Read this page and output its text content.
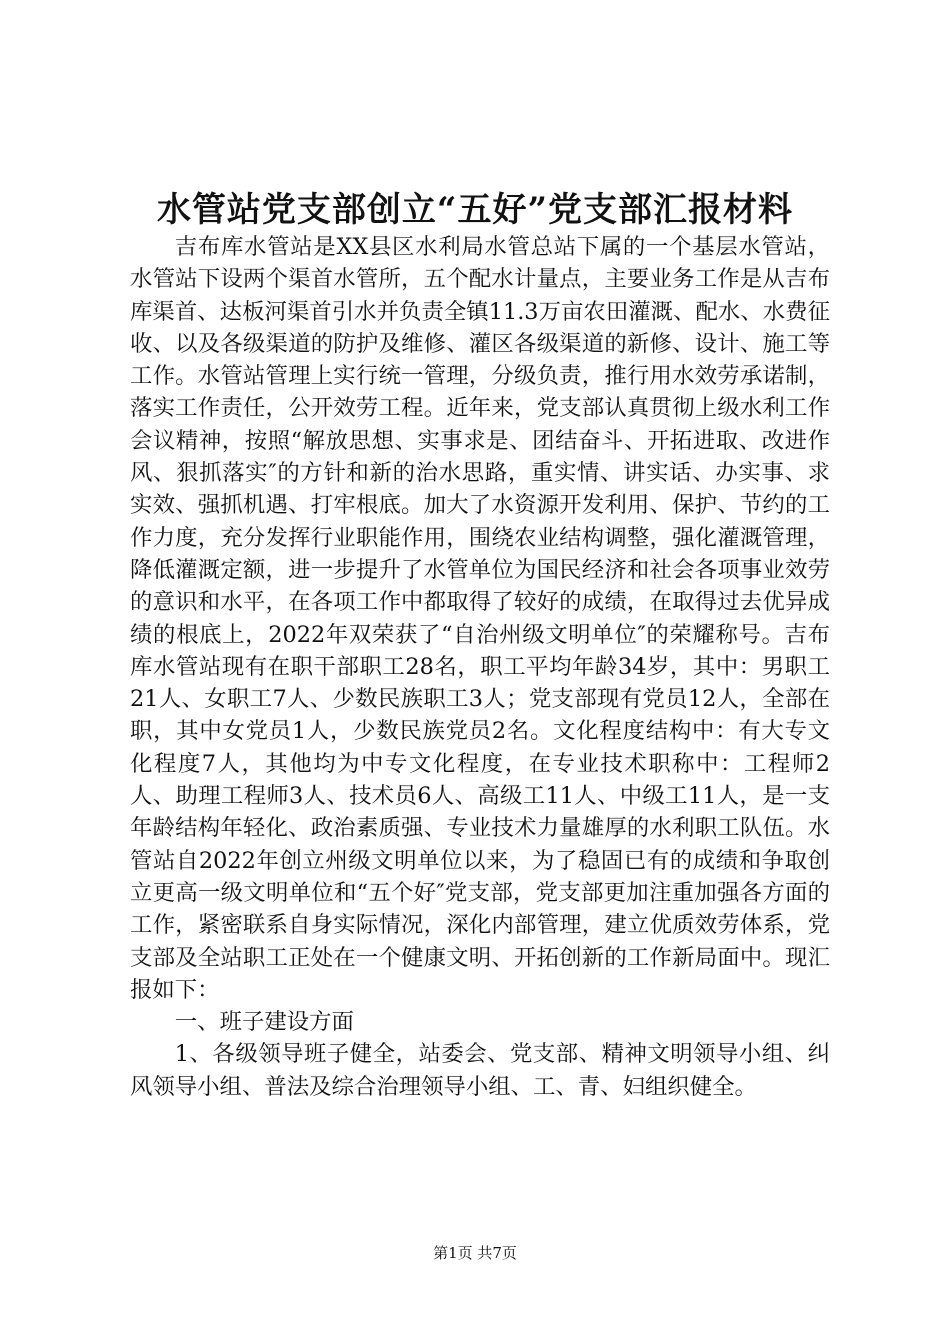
水管站党支部创立“五好”党支部汇报材料

吉布库水管站是XX县区水利局水管总站下属的一个基层水管站，水管站下设两个渠首水管所，五个配水计量点，主要业务工作是从吉布库渠首、达板河渠首引水并负责全镇11.3万亩农田灌溉、配水、水费征收、以及各级渠道的防护及维修、灌区各级渠道的新修、设计、施工等工作。水管站管理上实行统一管理，分级负责，推行用水效劳承诺制，落实工作责任，公开效劳工程。近年来，党支部认真贯彻上级水利工作会议精神，按照“解放思想、实事求是、团结奋斗、开拓进取、改进作风、狠抓落实″的方针和新的治水思路，重实情、讲实话、办实事、求实效、强抓机遇、打牢根底。加大了水资源开发利用、保护、节约的工作力度，充分发挥行业职能作用，围绕农业结构调整，强化灌溉管理，降低灌溉定额，进一步提升了水管单位为国民经济和社会各项事业效劳的意识和水平，在各项工作中都取得了较好的成绩，在取得过去优异成绩的根底上，2022年双荣获了“自治州级文明单位″的荣耀称号。吉布库水管站现有在职干部职工28名，职工平均年龄34岁，其中：男职工21人、女职工7人、少数民族职工3人；党支部现有党员12人，全部在职，其中女党员1人，少数民族党员2名。文化程度结构中：有大专文化程度7人，其他均为中专文化程度，在专业技术职称中：工程师2人、助理工程师3人、技术员6人、高级工11人、中级工11人，是一支年龄结构年轻化、政治素质强、专业技术力量雄厚的水利职工队伍。水管站自2022年创立州级文明单位以来，为了稳固已有的成绩和争取创立更高一级文明单位和“五个好″党支部，党支部更加注重加强各方面的工作，紧密联系自身实际情况，深化内部管理，建立优质效劳体系，党支部及全站职工正处在一个健康文明、开拓创新的工作新局面中。现汇报如下：

一、班子建设方面

1、各级领导班子健全，站委会、党支部、精神文明领导小组、纠风领导小组、普法及综合治理领导小组、工、青、妇组织健全。

第1页 共7页
